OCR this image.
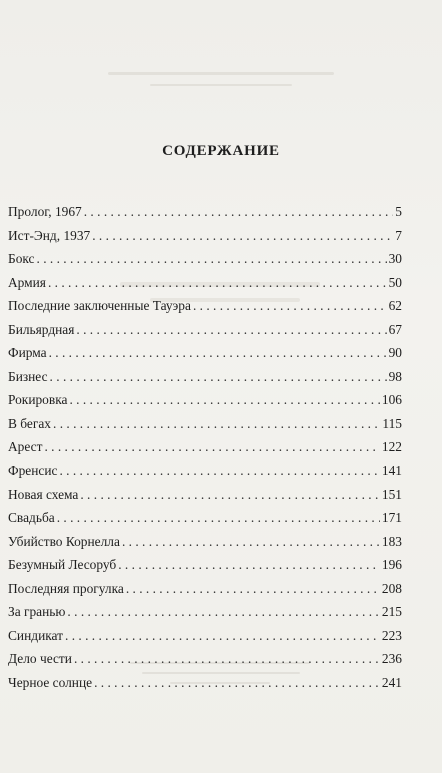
СОДЕРЖАНИЕ
Пролог, 1967 . . .	5
Ист-Энд, 1937 . . .	7
Бокс . . .	30
Армия . . .	50
Последние заключенные Тауэра . . .	62
Бильярдная . . .	67
Фирма . . .	90
Бизнес . . .	98
Рокировка . . .	106
В бегах . . .	115
Арест . . .	122
Френсис . . .	141
Новая схема . . .	151
Свадьба . . .	171
Убийство Корнелла . . .	183
Безумный Лесоруб . . .	196
Последняя прогулка . . .	208
За гранью . . .	215
Синдикат . . .	223
Дело чести . . .	236
Черное солнце . . .	241
